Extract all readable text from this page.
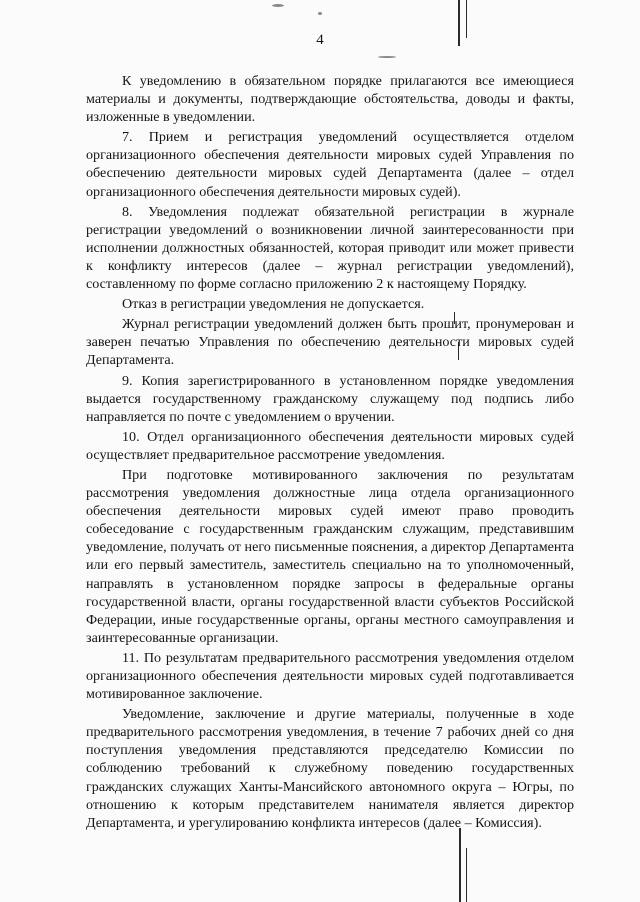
4

К уведомлению в обязательном порядке прилагаются все имеющиеся материалы и документы, подтверждающие обстоятельства, доводы и факты, изложенные в уведомлении.

7. Прием и регистрация уведомлений осуществляется отделом организационного обеспечения деятельности мировых судей Управления по обеспечению деятельности мировых судей Департамента (далее – отдел организационного обеспечения деятельности мировых судей).

8. Уведомления подлежат обязательной регистрации в журнале регистрации уведомлений о возникновении личной заинтересованности при исполнении должностных обязанностей, которая приводит или может привести к конфликту интересов (далее – журнал регистрации уведомлений), составленному по форме согласно приложению 2 к настоящему Порядку.

Отказ в регистрации уведомления не допускается.

Журнал регистрации уведомлений должен быть прошит, пронумерован и заверен печатью Управления по обеспечению деятельности мировых судей Департамента.

9. Копия зарегистрированного в установленном порядке уведомления выдается государственному гражданскому служащему под подпись либо направляется по почте с уведомлением о вручении.

10. Отдел организационного обеспечения деятельности мировых судей осуществляет предварительное рассмотрение уведомления.

При подготовке мотивированного заключения по результатам рассмотрения уведомления должностные лица отдела организационного обеспечения деятельности мировых судей имеют право проводить собеседование с государственным гражданским служащим, представившим уведомление, получать от него письменные пояснения, а директор Департамента или его первый заместитель, заместитель специально на то уполномоченный, направлять в установленном порядке запросы в федеральные органы государственной власти, органы государственной власти субъектов Российской Федерации, иные государственные органы, органы местного самоуправления и заинтересованные организации.

11. По результатам предварительного рассмотрения уведомления отделом организационного обеспечения деятельности мировых судей подготавливается мотивированное заключение.

Уведомление, заключение и другие материалы, полученные в ходе предварительного рассмотрения уведомления, в течение 7 рабочих дней со дня поступления уведомления представляются председателю Комиссии по соблюдению требований к служебному поведению государственных гражданских служащих Ханты-Мансийского автономного округа – Югры, по отношению к которым представителем нанимателя является директор Департамента, и урегулированию конфликта интересов (далее – Комиссия).
